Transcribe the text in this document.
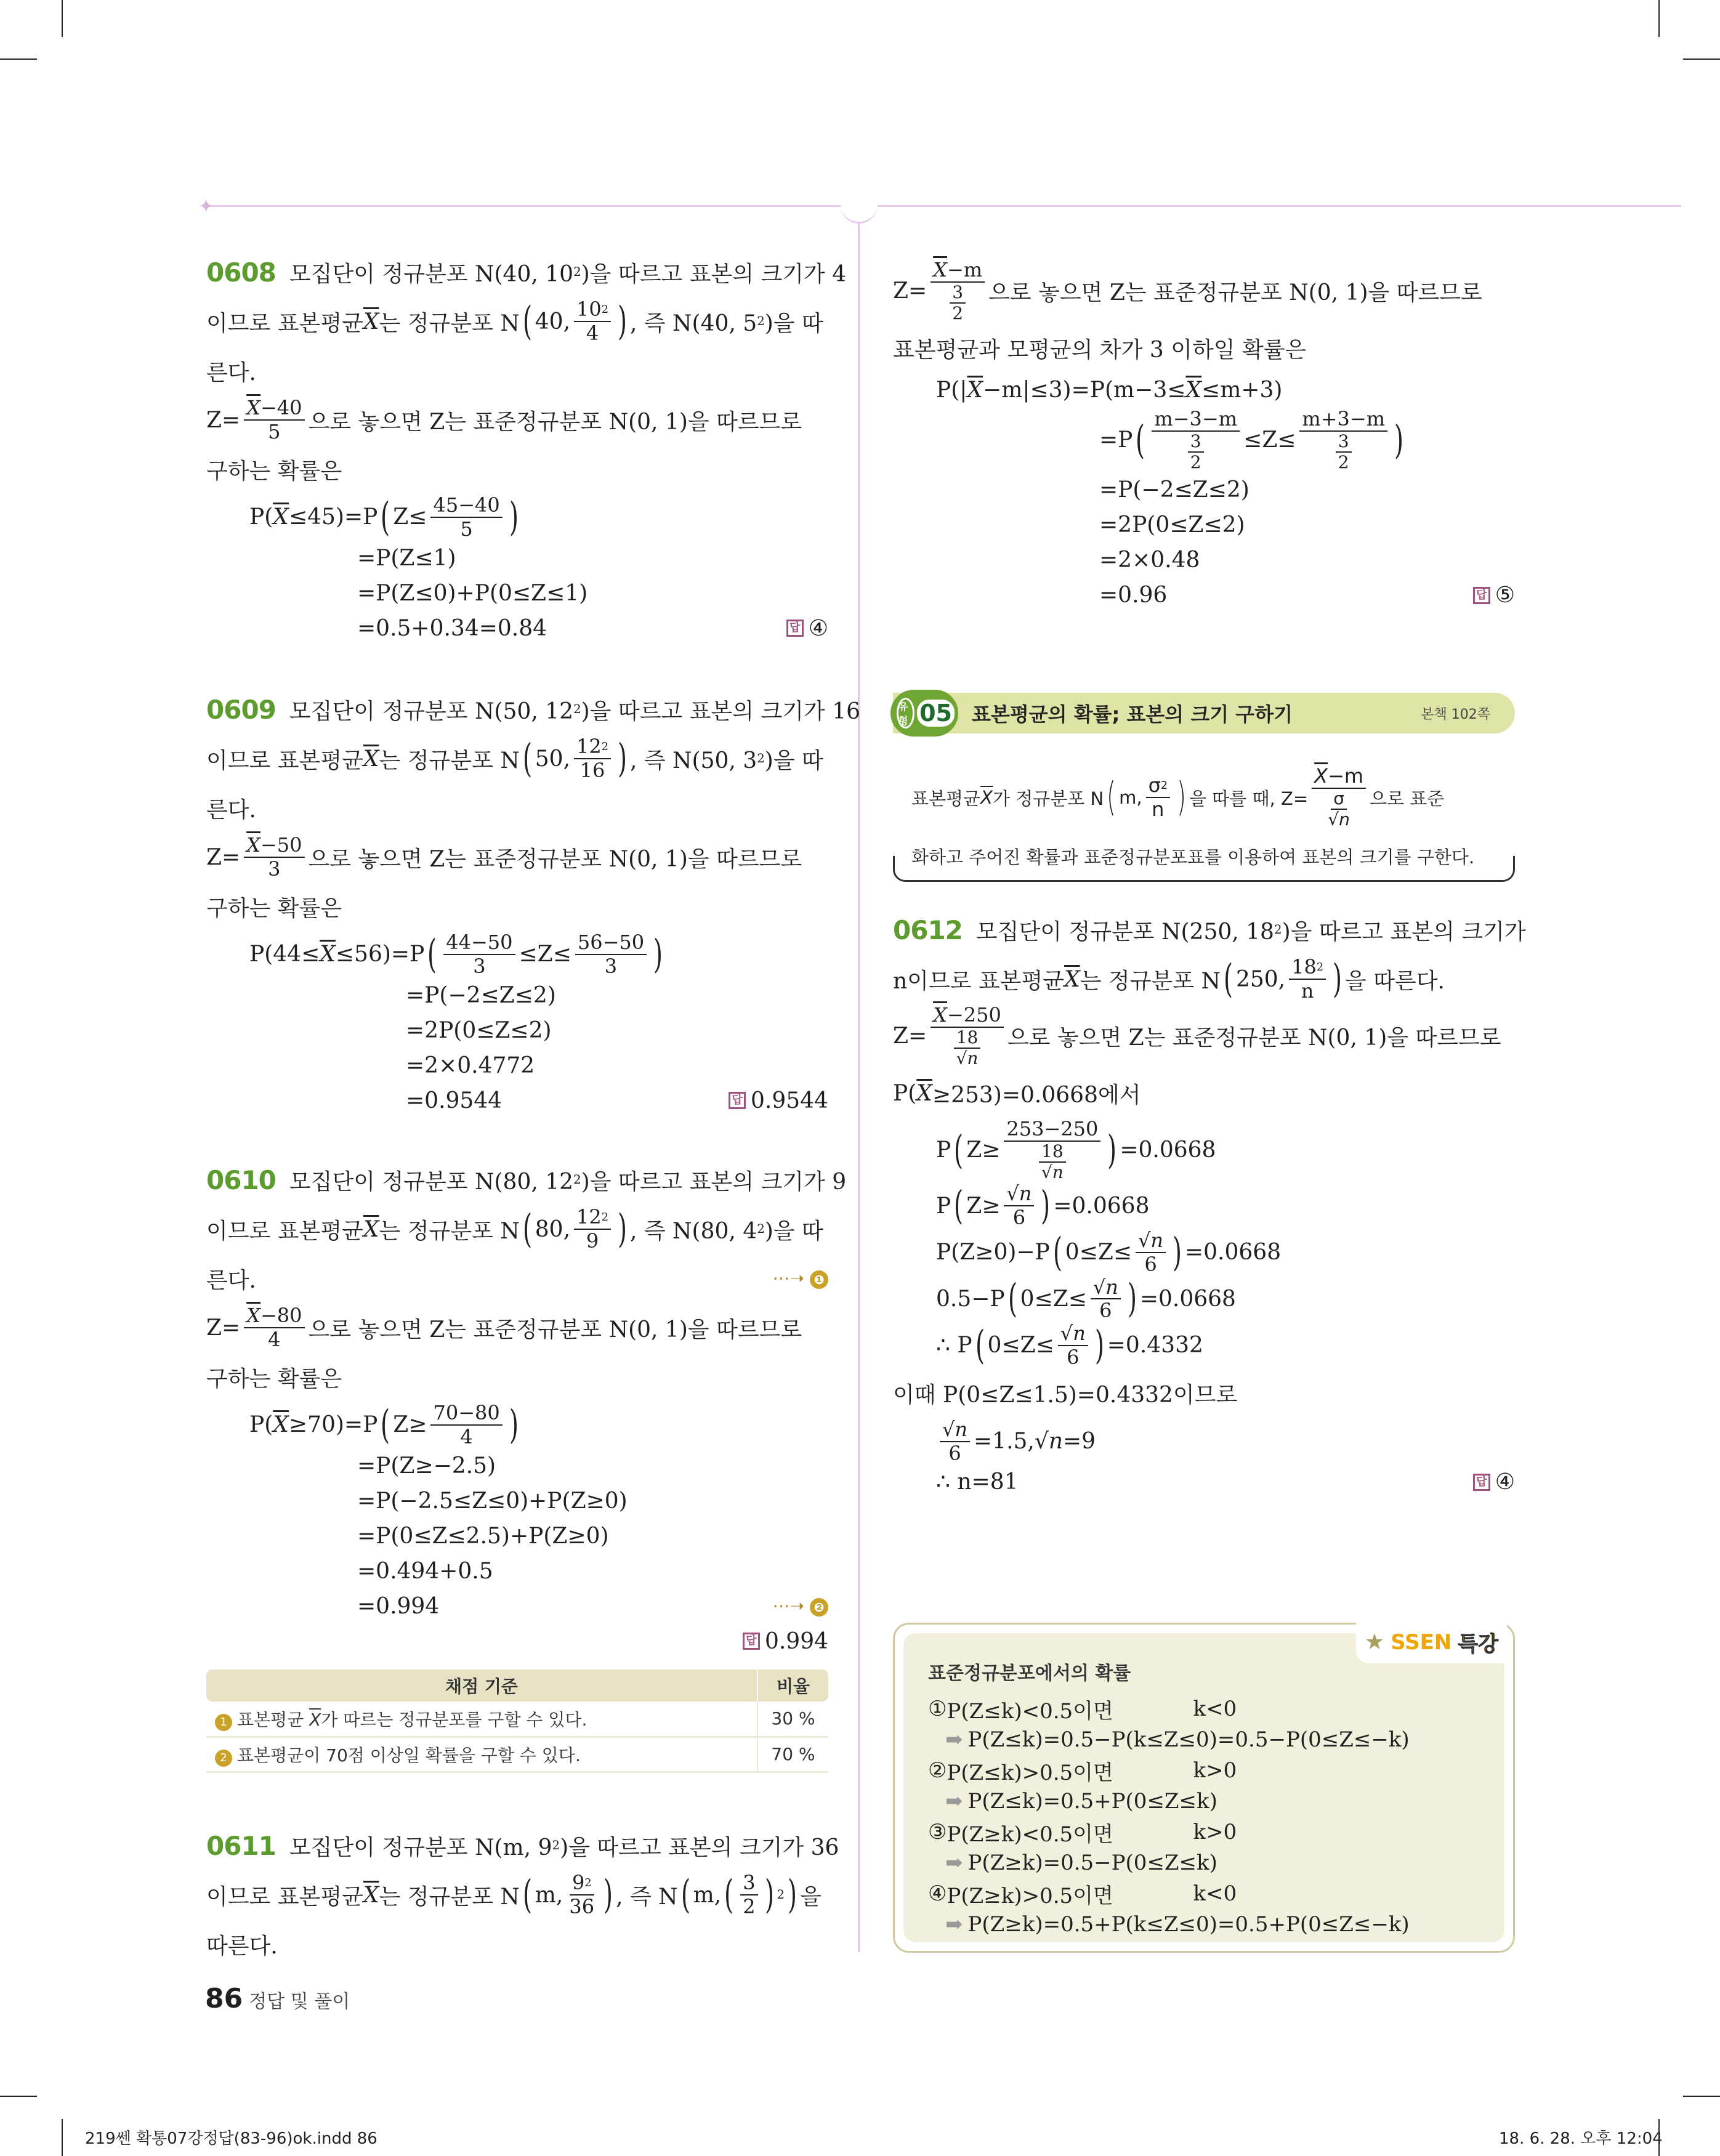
✦
0608 모집단이 정규분포 N(40, 10 2 )을 따르고 표본의 크기가 4
이므로 표본평균 $\overline{X}$ 는 정규분포 N ( 40, $\frac{10 2}{4}$ ) , 즉 N(40, 5 2 )을 따
른다.
$Z= \frac{\overline{X} -40}{5}$ 으로 놓으면 Z는 표준정규분포 N(0, 1)을 따르므로
구하는 확률은
P( $\overline{X} \le 45)=P$ ( $Z\le \frac{45-40}{5}$ )
=P(Z≤1)
=P(Z≤0)+P(0≤Z≤1)
=0.5+0.34=0.84	답 ④
0609 모집단이 정규분포 N(50, 12 2 )을 따르고 표본의 크기가 16
이므로 표본평균 $\overline{X}$ 는 정규분포 N ( 50, $\frac{12 2}{16}$ ) , 즉 N(50, 3 2 )을 따
른다.
$Z= \frac{\overline{X} -50}{3}$ 으로 놓으면 Z는 표준정규분포 N(0, 1)을 따르므로
구하는 확률은
$P(44\le \overline{X} \le 56)=P$ ( $\frac{44-50}{3} \le Z\le \frac{56-50}{3}$ )
=P(−2≤Z≤2)
=2P(0≤Z≤2)
=2×0.4772
=0.9544	답 0.9544
0610 모집단이 정규분포 N(80, 12 2 )을 따르고 표본의 크기가 9
이므로 표본평균 $\overline{X}$ 는 정규분포 N ( 80, $\frac{12 2}{9}$ ) , 즉 N(80, 4 2 )을 따
른다.	⋯➝ ❶
$Z= \frac{\overline{X} -80}{4}$ 으로 놓으면 Z는 표준정규분포 N(0, 1)을 따르므로
구하는 확률은
P( $\overline{X} \ge 70)=P$ ( $Z\ge \frac{70-80}{4}$ )
=P(Z≥−2.5)
=P(−2.5≤Z≤0)+P(Z≥0)
=P(0≤Z≤2.5)+P(Z≥0)
=0.494+0.5
=0.994	⋯➝ ❷
답 0.994
채점 기준	비율
1 표본평균 $\overline{X}$가 따르는 정규분포를 구할 수 있다.	30 %
2 표본평균이 70점 이상일 확률을 구할 수 있다.	70 %
0611 모집단이 정규분포 N(m, 9 2 )을 따르고 표본의 크기가 36
이므로 표본평균 $\overline{X}$ 는 정규분포 N ( m, $\frac{9 2}{36}$ ) , 즉 N ( m, ( $\frac{3}{2}$ ) 2 ) 을
따른다.
$Z= \frac{\overline{X} -m}{\frac{3}{2}}$ 으로 놓으면 Z는 표준정규분포 N(0, 1)을 따르므로
표본평균과 모평균의 차가 3 이하일 확률은
P(| $\overline{X} -m|\le 3)=P(m-3\le \overline{X} \le m+3)$
=P ( $\frac{m-3-m}{\frac{3}{2}} \le Z\le \frac{m+3-m}{\frac{3}{2}}$ )
=P(−2≤Z≤2)
=2P(0≤Z≤2)
=2×0.48
=0.96	답 ⑤
유형 05 표본평균의 확률; 표본의 크기 구하기	본책 102쪽
표본평균 $\overline{X}$ 가 정규분포 N ( m, $\frac{\sigma 2}{n}$ ) 을 따를 때, $Z= \overline{X} -m$
σ
√ n 으로 표준
화하고 주어진 확률과 표준정규분포표를 이용하여 표본의 크기를 구한다.
0612 모집단이 정규분포 N(250, 18 2 )을 따르고 표본의 크기가
n이므로 표본평균 $\overline{X}$ 는 정규분포 N ( 250, $\frac{18 2}{n}$ ) 을 따른다.
$Z= \overline{X} -250$
18
√ n 으로 놓으면 Z는 표준정규분포 N(0, 1)을 따르므로
P( $\overline{X} \ge 253)=0.0668$에서
P ( Z≥ 253−250
18
√ n ) =0.0668
P ( Z≥ √ $\frac{n}{6}$ ) =0.0668
P(Z≥0)−P ( 0≤Z≤ √ $\frac{n}{6}$ ) =0.0668
0.5−P ( 0≤Z≤ √ $\frac{n}{6}$ ) =0.0668
∴ P ( 0≤Z≤ √ $\frac{n}{6}$ ) =0.4332
이때 P(0≤Z≤1.5)=0.4332이므로
√ $\frac{n}{6} =1.5$, √ n =9
∴ n=81	답 ④
★ SSEN 특강
표준정규분포에서의 확률
① P(Z≤k)<0.5이면	k<0
➡ P(Z≤k)=0.5−P(k≤Z≤0)=0.5−P(0≤Z≤−k)
② P(Z≤k)>0.5이면	k>0
➡ P(Z≤k)=0.5+P(0≤Z≤k)
③ P(Z≥k)<0.5이면	k>0
➡ P(Z≥k)=0.5−P(0≤Z≤k)
④ P(Z≥k)>0.5이면	k<0
➡ P(Z≥k)=0.5+P(k≤Z≤0)=0.5+P(0≤Z≤−k)
86 정답 및 풀이
219쎈 확통07강정답(83-96)ok.indd 86	18. 6. 28. 오후 12:04
